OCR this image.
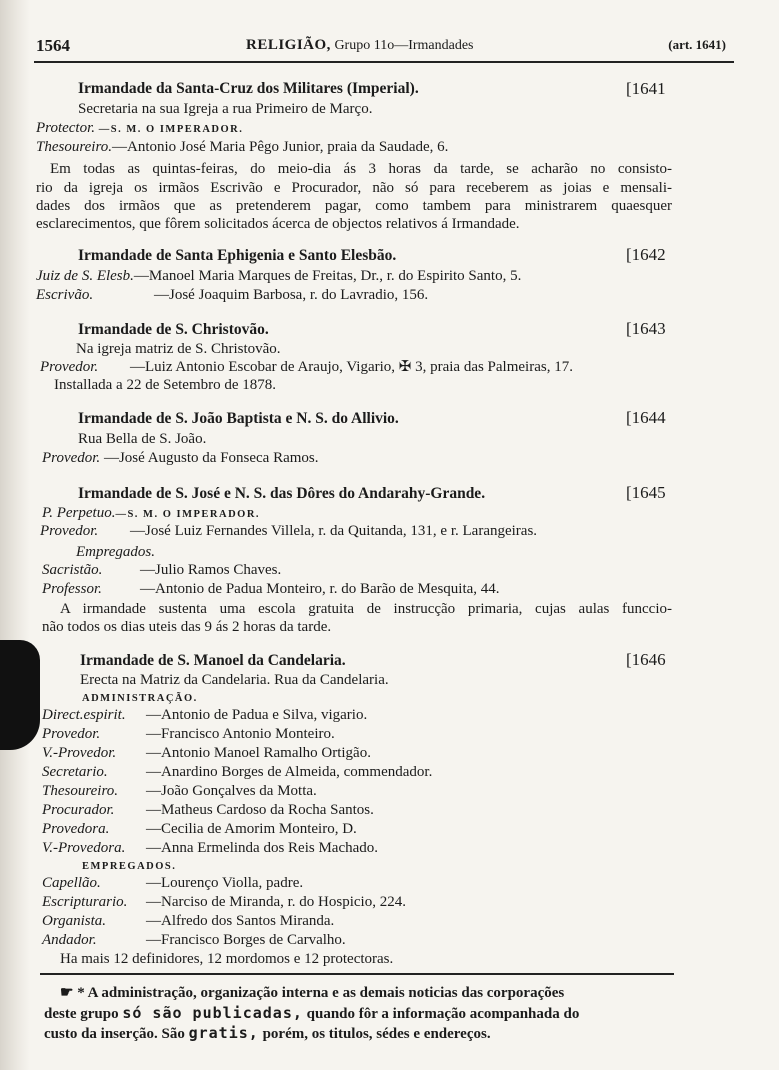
1564	RELIGIÃO, Grupo 11o—Irmandades	(art. 1641)
Irmandade da Santa-Cruz dos Militares (Imperial).	[1641
Secretaria na sua Igreja a rua Primeiro de Março.
Protector. —S. M. O IMPERADOR.
Thesoureiro.—Antonio José Maria Pêgo Junior, praia da Saudade, 6.
Em todas as quintas-feiras, do meio-dia ás 3 horas da tarde, se acharão no consisto-
rio da igreja os irmãos Escrivão e Procurador, não só para receberem as joias e mensali-
dades dos irmãos que as pretenderem pagar, como tambem para ministrarem quaesquer
esclarecimentos, que fôrem solicitados ácerca de objectos relativos á Irmandade.
Irmandade de Santa Ephigenia e Santo Elesbão.	[1642
Juiz de S. Elesb.—Manoel Maria Marques de Freitas, Dr., r. do Espirito Santo, 5.
Escrivão.	—José Joaquim Barbosa, r. do Lavradio, 156.
Irmandade de S. Christovão.	[1643
Na igreja matriz de S. Christovão.
Provedor. —Luiz Antonio Escobar de Araujo, Vigario, ✠ 3, praia das Palmeiras, 17.
Installada a 22 de Setembro de 1878.
Irmandade de S. João Baptista e N. S. do Allivio.	[1644
Rua Bella de S. João.
Provedor. —José Augusto da Fonseca Ramos.
Irmandade de S. José e N. S. das Dôres do Andarahy-Grande.	[1645
P. Perpetuo.—S. M. O IMPERADOR.
Provedor. —José Luiz Fernandes Villela, r. da Quitanda, 131, e r. Larangeiras.
Empregados.
Sacristão.	—Julio Ramos Chaves.
Professor.	—Antonio de Padua Monteiro, r. do Barão de Mesquita, 44.
A irmandade sustenta uma escola gratuita de instrucção primaria, cujas aulas funccio-
não todos os dias uteis das 9 ás 2 horas da tarde.
Irmandade de S. Manoel da Candelaria.	[1646
Erecta na Matriz da Candelaria. Rua da Candelaria.
ADMINISTRAÇÃO.
Direct.espirit. —Antonio de Padua e Silva, vigario.
Provedor.	—Francisco Antonio Monteiro.
V.-Provedor. —Antonio Manoel Ramalho Ortigão.
Secretario.	—Anardino Borges de Almeida, commendador.
Thesoureiro. —João Gonçalves da Motta.
Procurador. —Matheus Cardoso da Rocha Santos.
Provedora. —Cecilia de Amorim Monteiro, D.
V.-Provedora. —Anna Ermelinda dos Reis Machado.
EMPREGADOS.
Capellão.	—Lourenço Violla, padre.
Escripturario. —Narciso de Miranda, r. do Hospicio, 224.
Organista.	—Alfredo dos Santos Miranda.
Andador.	—Francisco Borges de Carvalho.
Ha mais 12 definidores, 12 mordomos e 12 protectoras.
☛ * A administração, organização interna e as demais noticias das corporações
deste grupo só são publicadas, quando fôr a informação acompanhada do
custo da inserção. São gratis, porém, os titulos, sédes e endereços.
